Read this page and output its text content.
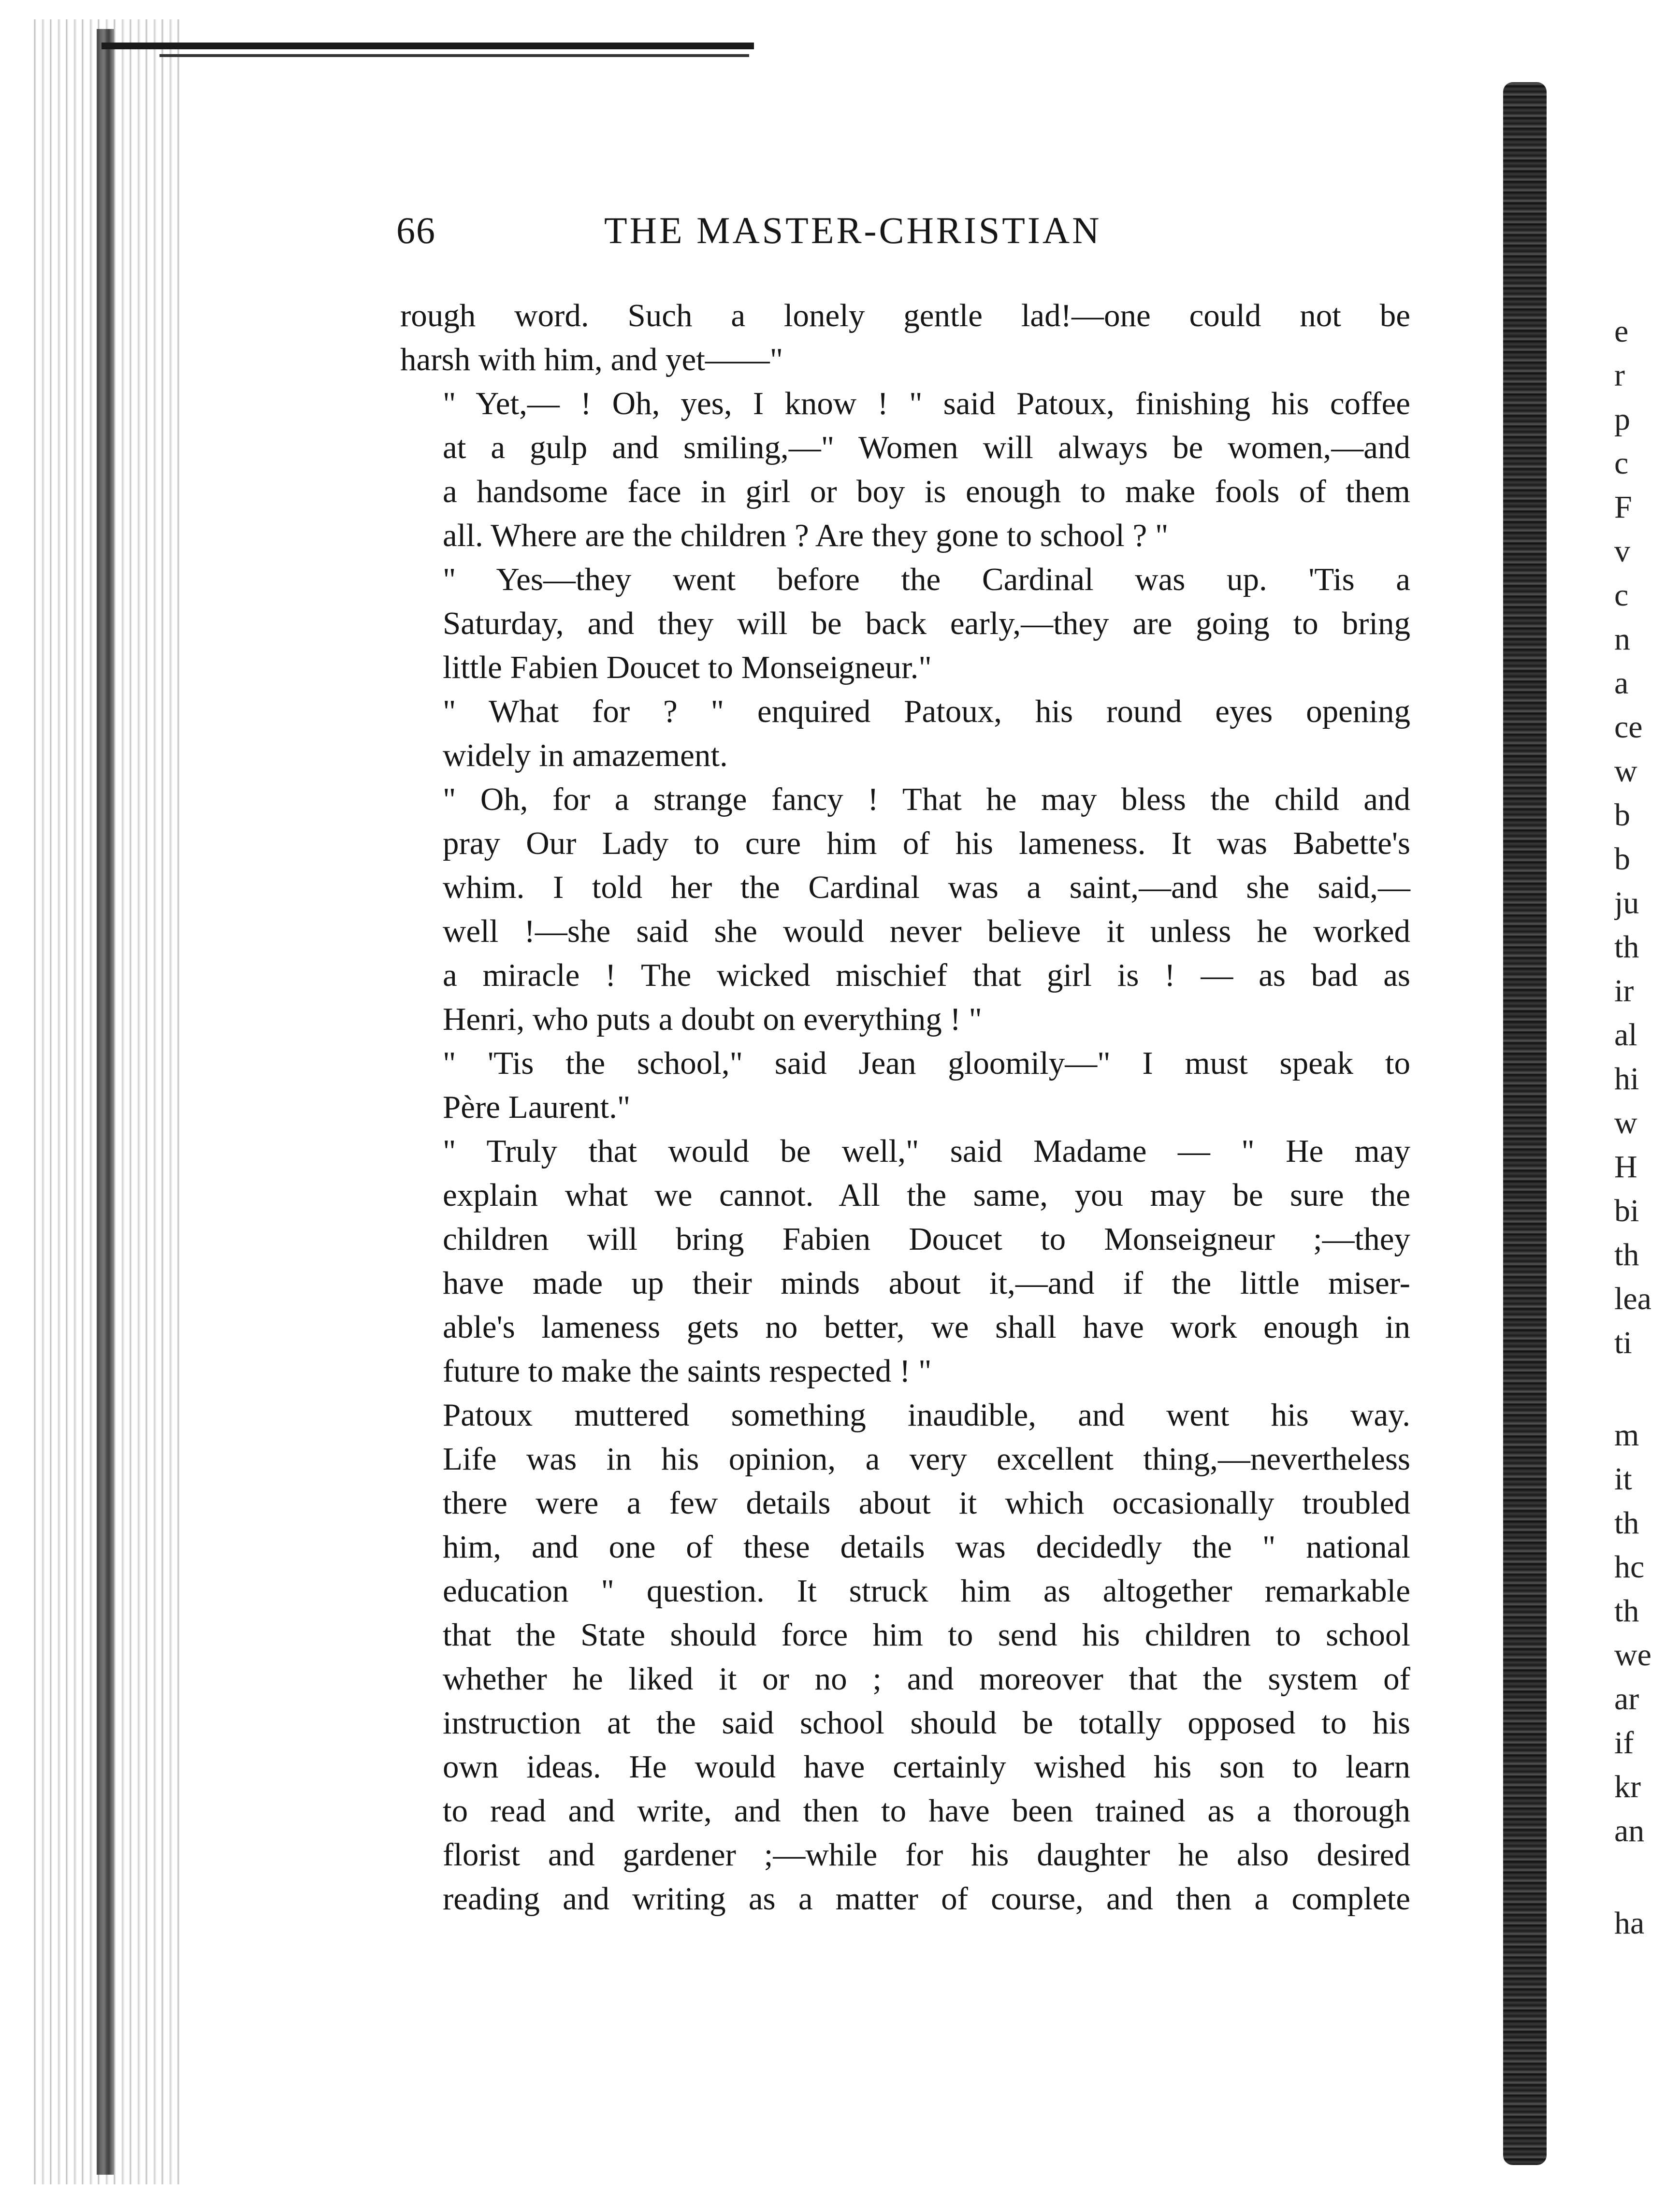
e
r
p
c
F
v
c
n
a
ce
w
b
b
ju
th
ir
al
hi
w
H
bi
th
lea
ti
m
it
th
hc
th
we
ar
if
kr
an
ha
66	THE MASTER-CHRISTIAN

rough word. Such a lonely gentle lad!—one could not be
harsh with him, and yet——"

" Yet,— ! Oh, yes, I know ! " said Patoux, finishing his coffee
at a gulp and smiling,—" Women will always be women,—and
a handsome face in girl or boy is enough to make fools of them
all. Where are the children ? Are they gone to school ? "

" Yes—they went before the Cardinal was up. 'Tis a
Saturday, and they will be back early,—they are going to bring
little Fabien Doucet to Monseigneur."

" What for ? " enquired Patoux, his round eyes opening
widely in amazement.

" Oh, for a strange fancy ! That he may bless the child and
pray Our Lady to cure him of his lameness. It was Babette's
whim. I told her the Cardinal was a saint,—and she said,—
well !—she said she would never believe it unless he worked
a miracle ! The wicked mischief that girl is ! — as bad as
Henri, who puts a doubt on everything ! "

" 'Tis the school," said Jean gloomily—" I must speak to
Père Laurent."

" Truly that would be well," said Madame — " He may
explain what we cannot. All the same, you may be sure the
children will bring Fabien Doucet to Monseigneur ;—they
have made up their minds about it,—and if the little miser-
able's lameness gets no better, we shall have work enough in
future to make the saints respected ! "

Patoux muttered something inaudible, and went his way.
Life was in his opinion, a very excellent thing,—nevertheless
there were a few details about it which occasionally troubled
him, and one of these details was decidedly the " national
education " question. It struck him as altogether remarkable
that the State should force him to send his children to school
whether he liked it or no ; and moreover that the system of
instruction at the said school should be totally opposed to his
own ideas. He would have certainly wished his son to learn
to read and write, and then to have been trained as a thorough
florist and gardener ;—while for his daughter he also desired
reading and writing as a matter of course, and then a complete
